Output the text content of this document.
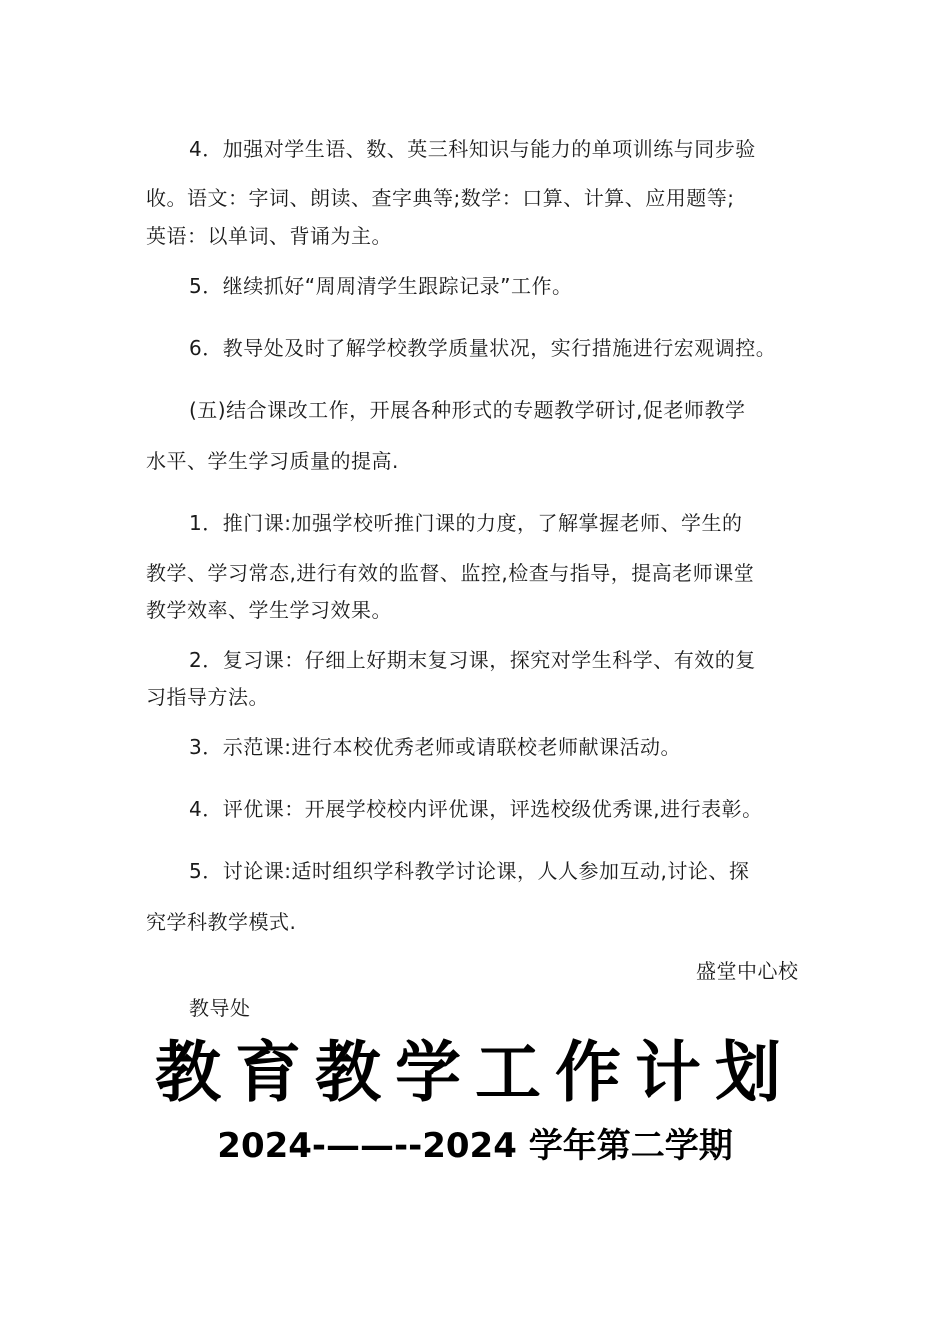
4．加强对学生语、数、英三科知识与能力的单项训练与同步验
收。语文：字词、朗读、查字典等;数学：口算、计算、应用题等;
英语：以单词、背诵为主。
5．继续抓好“周周清学生跟踪记录”工作。
6．教导处及时了解学校教学质量状况，实行措施进行宏观调控。
(五)结合课改工作，开展各种形式的专题教学研讨,促老师教学
水平、学生学习质量的提高.
1．推门课:加强学校听推门课的力度，了解掌握老师、学生的
教学、学习常态,进行有效的监督、监控,检查与指导，提高老师课堂
教学效率、学生学习效果。
2．复习课：仔细上好期末复习课，探究对学生科学、有效的复
习指导方法。
3．示范课:进行本校优秀老师或请联校老师献课活动。
4．评优课：开展学校校内评优课，评选校级优秀课,进行表彰。
5．讨论课:适时组织学科教学讨论课，人人参加互动,讨论、探
究学科教学模式.
盛堂中心校
教导处
教育教学工作计划
2024-——--2024 学年第二学期
